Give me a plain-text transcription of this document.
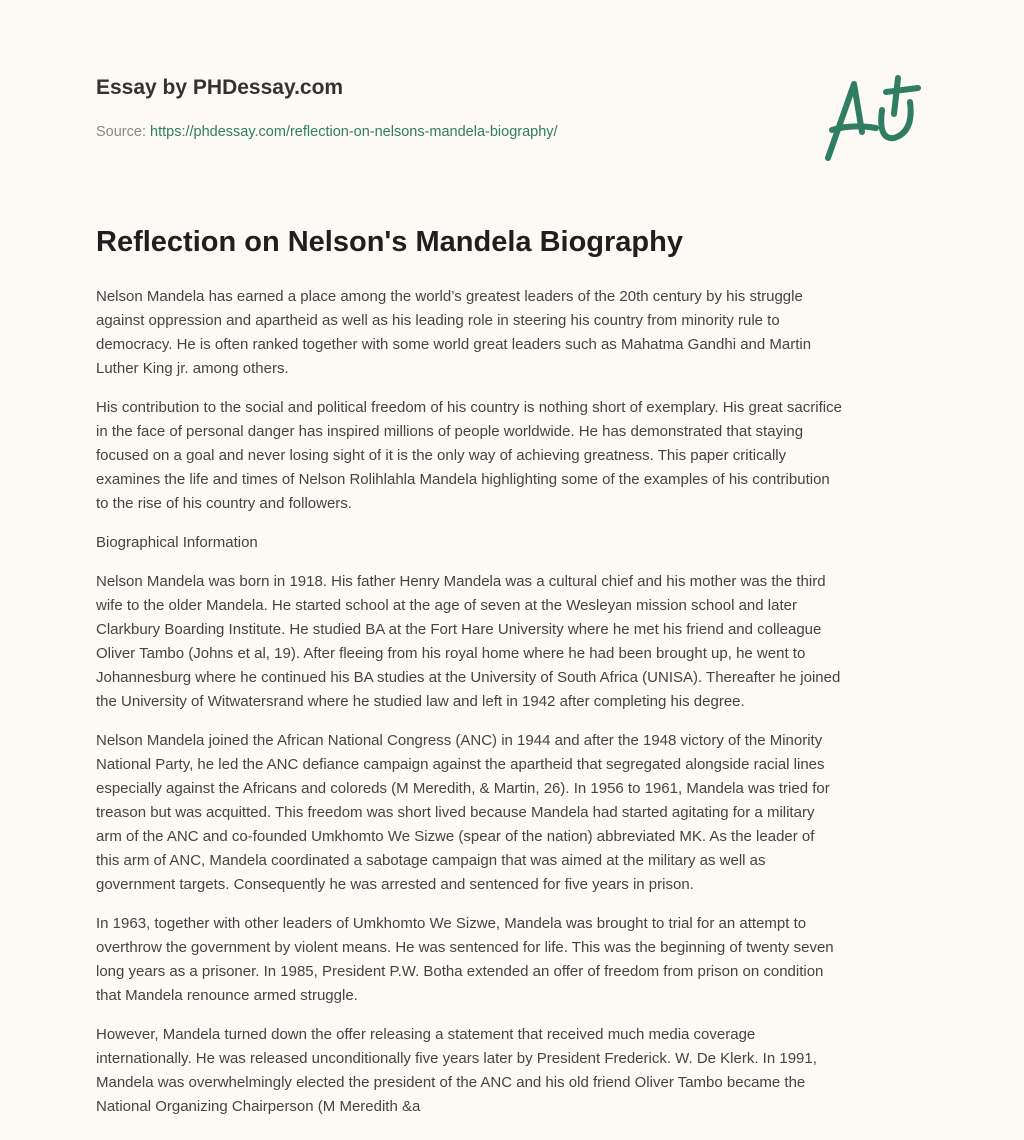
Essay by PHDessay.com
Source: https://phdessay.com/reflection-on-nelsons-mandela-biography/
Reflection on Nelson's Mandela Biography

Nelson Mandela has earned a place among the world’s greatest leaders of the 20th century by his struggle
against oppression and apartheid as well as his leading role in steering his country from minority rule to
democracy. He is often ranked together with some world great leaders such as Mahatma Gandhi and Martin
Luther King jr. among others.

His contribution to the social and political freedom of his country is nothing short of exemplary. His great sacrifice
in the face of personal danger has inspired millions of people worldwide. He has demonstrated that staying
focused on a goal and never losing sight of it is the only way of achieving greatness. This paper critically
examines the life and times of Nelson Rolihlahla Mandela highlighting some of the examples of his contribution
to the rise of his country and followers.

Biographical Information

Nelson Mandela was born in 1918. His father Henry Mandela was a cultural chief and his mother was the third
wife to the older Mandela. He started school at the age of seven at the Wesleyan mission school and later
Clarkbury Boarding Institute. He studied BA at the Fort Hare University where he met his friend and colleague
Oliver Tambo (Johns et al, 19). After fleeing from his royal home where he had been brought up, he went to
Johannesburg where he continued his BA studies at the University of South Africa (UNISA). Thereafter he joined
the University of Witwatersrand where he studied law and left in 1942 after completing his degree.

Nelson Mandela joined the African National Congress (ANC) in 1944 and after the 1948 victory of the Minority
National Party, he led the ANC defiance campaign against the apartheid that segregated alongside racial lines
especially against the Africans and coloreds (M Meredith, & Martin, 26). In 1956 to 1961, Mandela was tried for
treason but was acquitted. This freedom was short lived because Mandela had started agitating for a military
arm of the ANC and co-founded Umkhomto We Sizwe (spear of the nation) abbreviated MK. As the leader of
this arm of ANC, Mandela coordinated a sabotage campaign that was aimed at the military as well as
government targets. Consequently he was arrested and sentenced for five years in prison.

In 1963, together with other leaders of Umkhomto We Sizwe, Mandela was brought to trial for an attempt to
overthrow the government by violent means. He was sentenced for life. This was the beginning of twenty seven
long years as a prisoner. In 1985, President P.W. Botha extended an offer of freedom from prison on condition
that Mandela renounce armed struggle.

However, Mandela turned down the offer releasing a statement that received much media coverage
internationally. He was released unconditionally five years later by President Frederick. W. De Klerk. In 1991,
Mandela was overwhelmingly elected the president of the ANC and his old friend Oliver Tambo became the
National Organizing Chairperson (M Meredith &a
